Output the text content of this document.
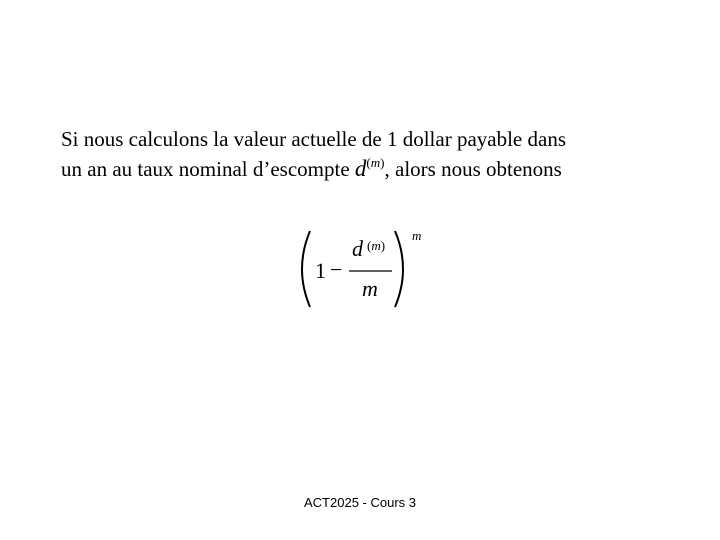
Si nous calculons la valeur actuelle de 1 dollar payable dans
un an au taux nominal d’escompte $d^{(m)}$, alors nous obtenons
1 −
d (m)
m
m
ACT2025 - Cours 3
